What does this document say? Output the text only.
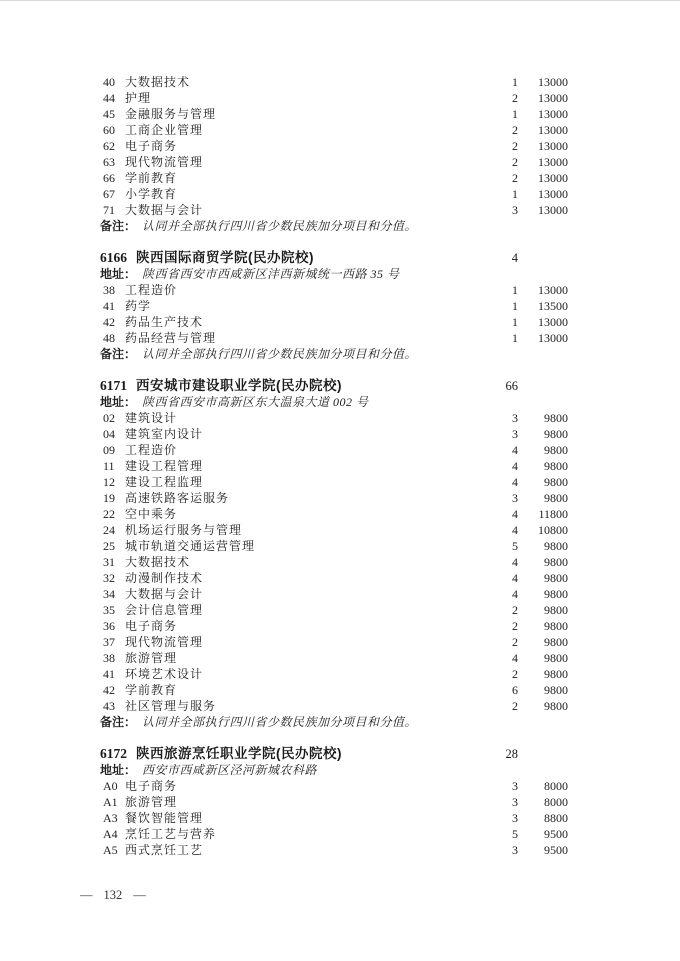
40 大数据技术	1	13000
44 护理	2	13000
45 金融服务与管理	1	13000
60 工商企业管理	2	13000
62 电子商务	2	13000
63 现代物流管理	2	13000
66 学前教育	2	13000
67 小学教育	1	13000
71 大数据与会计	3	13000
备注： 认同并全部执行四川省少数民族加分项目和分值。
6166 陕西国际商贸学院(民办院校)	4
地址： 陕西省西安市西咸新区沣西新城统一西路 35 号
38 工程造价	1	13000
41 药学	1	13500
42 药品生产技术	1	13000
48 药品经营与管理	1	13000
备注： 认同并全部执行四川省少数民族加分项目和分值。
6171 西安城市建设职业学院(民办院校)	66
地址： 陕西省西安市高新区东大温泉大道 002 号
02 建筑设计	3	9800
04 建筑室内设计	3	9800
09 工程造价	4	9800
11 建设工程管理	4	9800
12 建设工程监理	4	9800
19 高速铁路客运服务	3	9800
22 空中乘务	4	11800
24 机场运行服务与管理	4	10800
25 城市轨道交通运营管理	5	9800
31 大数据技术	4	9800
32 动漫制作技术	4	9800
34 大数据与会计	4	9800
35 会计信息管理	2	9800
36 电子商务	2	9800
37 现代物流管理	2	9800
38 旅游管理	4	9800
41 环境艺术设计	2	9800
42 学前教育	6	9800
43 社区管理与服务	2	9800
备注： 认同并全部执行四川省少数民族加分项目和分值。
6172 陕西旅游烹饪职业学院(民办院校)	28
地址： 西安市西咸新区泾河新城农科路
A0 电子商务	3	8000
A1 旅游管理	3	8000
A3 餐饮智能管理	3	8800
A4 烹饪工艺与营养	5	9500
A5 西式烹饪工艺	3	9500
— 132 —
